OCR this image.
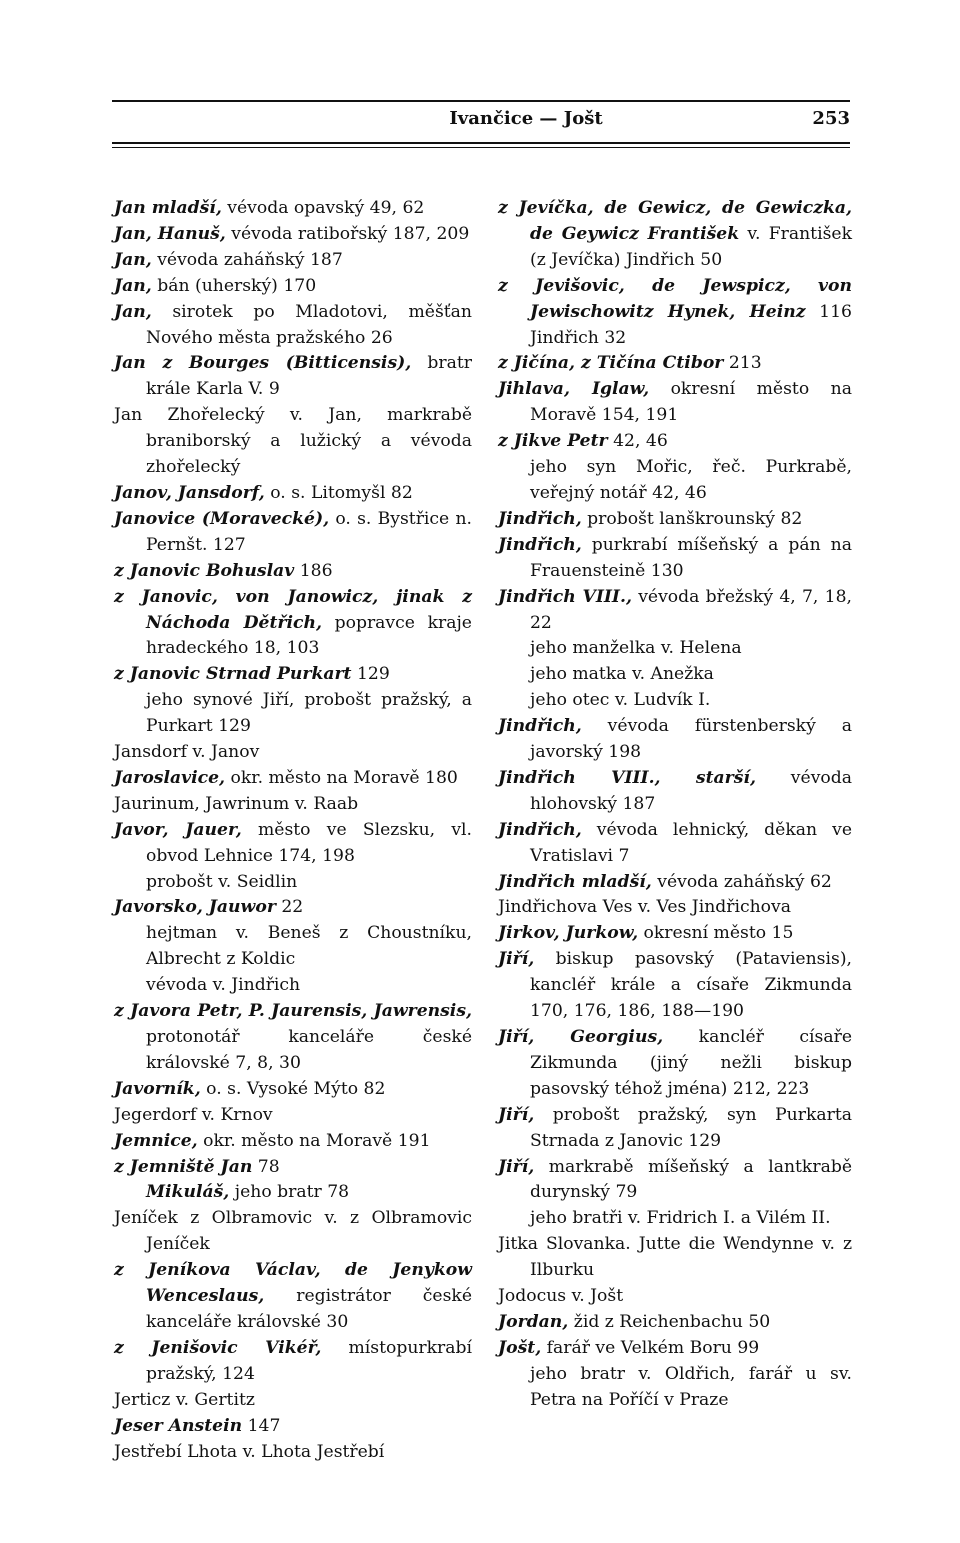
Ivančice — Jošt	253
Jan mladší, vévoda opavský 49, 62
Jan, Hanuš, vévoda ratibořský 187, 209
Jan, vévoda zaháňský 187
Jan, bán (uherský) 170
Jan, sirotek po Mladotovi, měšťan Nového města pražského 26
Jan z Bourges (Bitticensis), bratr krále Karla V. 9
Jan Zhořelecký v. Jan, markrabě braniborský a lužický a vévoda zhořelecký
Janov, Jansdorf, o. s. Litomyšl 82
Janovice (Moravecké), o. s. Bystřice n. Pernšt. 127
z Janovic Bohuslav 186
z Janovic, von Janowicz, jinak z Náchoda Dětřich, popravce kraje hradeckého 18, 103
z Janovic Strnad Purkart 129
jeho synové Jiří, probošt pražský, a Purkart 129
Jansdorf v. Janov
Jaroslavice, okr. město na Moravě 180
Jaurinum, Jawrinum v. Raab
Javor, Jauer, město ve Slezsku, vl. obvod Lehnice 174, 198
probošt v. Seidlin
Javorsko, Jauwor 22
hejtman v. Beneš z Choustníku, Albrecht z Koldic
vévoda v. Jindřich
z Javora Petr, P. Jaurensis, Jawrensis, protonotář kanceláře české královské 7, 8, 30
Javorník, o. s. Vysoké Mýto 82
Jegerdorf v. Krnov
Jemnice, okr. město na Moravě 191
z Jemniště Jan 78
Mikuláš, jeho bratr 78
Jeníček z Olbramovic v. z Olbramovic Jeníček
z Jeníkova Václav, de Jenykow Wenceslaus, registrátor české kanceláře královské 30
z Jenišovic Vikéř, místopurkrabí pražský, 124
Jerticz v. Gertitz
Jeser Anstein 147
Jestřebí Lhota v. Lhota Jestřebí
z Jevíčka, de Gewicz, de Gewiczka, de Geywicz František v. František (z Jevíčka) Jindřich 50
z Jevišovic, de Jewspicz, von Jewischowitz Hynek, Heinz 116 Jindřich 32
z Jičína, z Tičína Ctibor 213
Jihlava, Iglaw, okresní město na Moravě 154, 191
z Jikve Petr 42, 46
jeho syn Mořic, řeč. Purkrabě, veřejný notář 42, 46
Jindřich, probošt lanškrounský 82
Jindřich, purkrabí míšeňský a pán na Frauensteině 130
Jindřich VIII., vévoda břežský 4, 7, 18, 22
jeho manželka v. Helena
jeho matka v. Anežka
jeho otec v. Ludvík I.
Jindřich, vévoda fürstenberský a javorský 198
Jindřich VIII., starší, vévoda hlohovský 187
Jindřich, vévoda lehnický, děkan ve Vratislavi 7
Jindřich mladší, vévoda zaháňský 62
Jindřichova Ves v. Ves Jindřichova
Jirkov, Jurkow, okresní město 15
Jiří, biskup pasovský (Pataviensis), kancléř krále a císaře Zikmunda 170, 176, 186, 188—190
Jiří, Georgius, kancléř císaře Zikmunda (jiný nežli biskup pasovský téhož jména) 212, 223
Jiří, probošt pražský, syn Purkarta Strnada z Janovic 129
Jiří, markrabě míšeňský a lantkrabě durynský 79
jeho bratři v. Fridrich I. a Vilém II.
Jitka Slovanka. Jutte die Wendynne v. z Ilburku
Jodocus v. Jošt
Jordan, žid z Reichenbachu 50
Jošt, farář ve Velkém Boru 99
jeho bratr v. Oldřich, farář u sv. Petra na Poříčí v Praze
